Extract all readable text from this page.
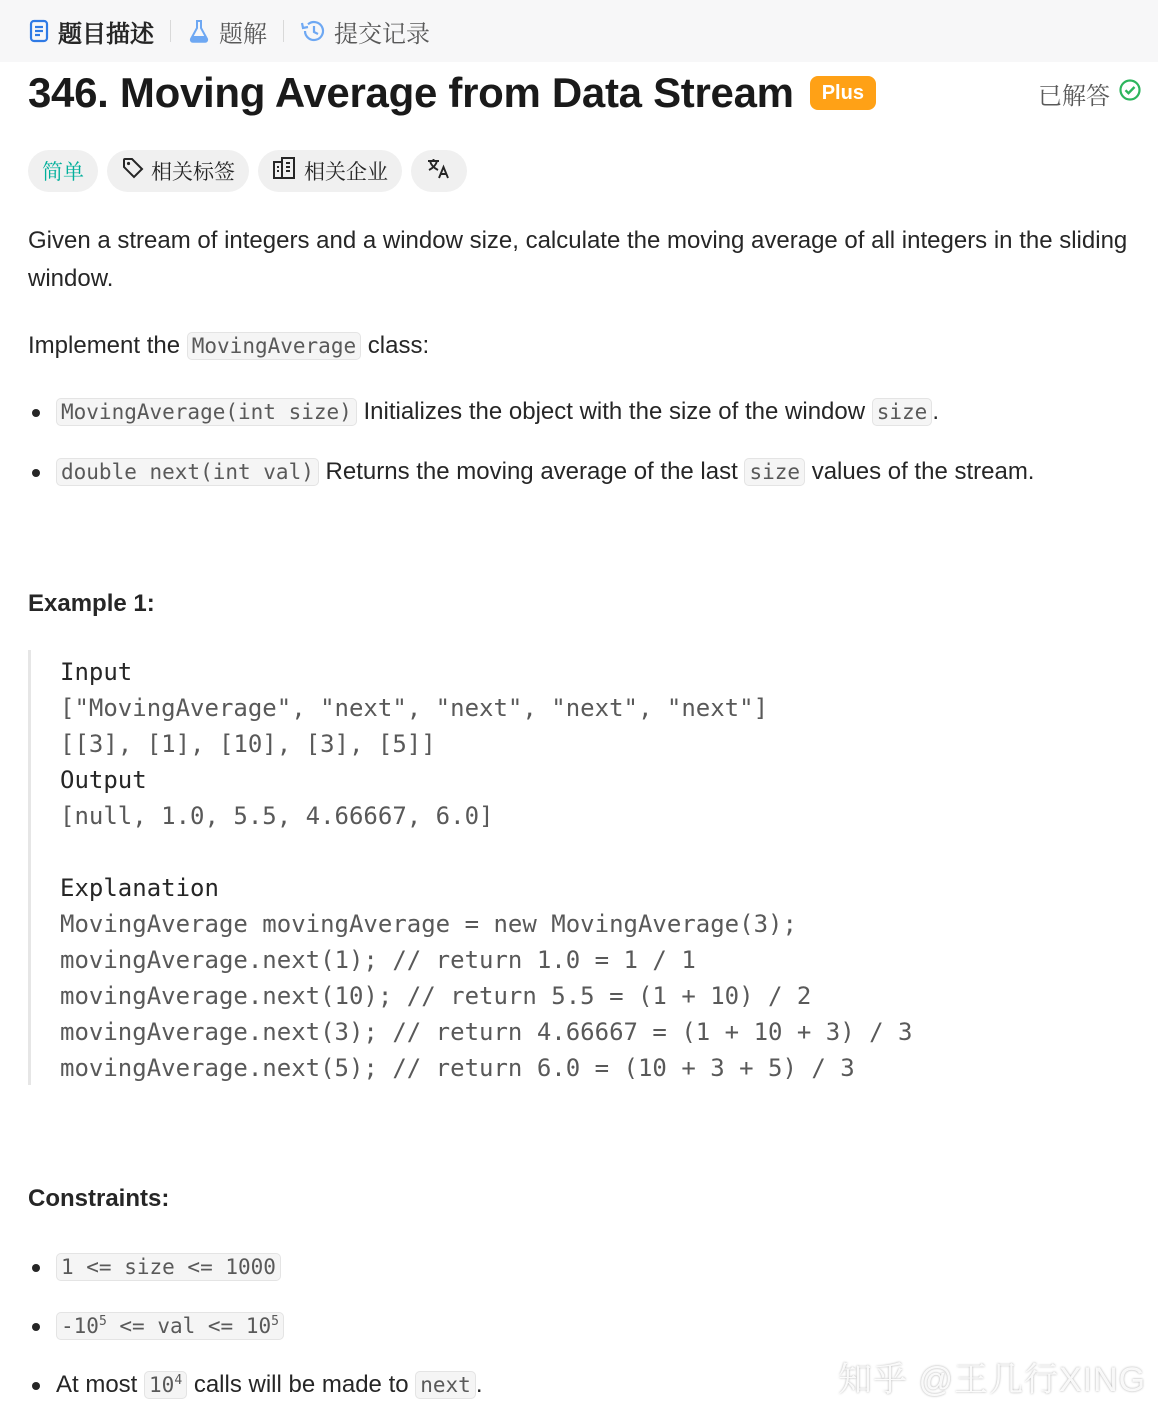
题目描述	题解	提交记录
346. Moving Average from Data Stream	Plus	已解答
简单	相关标签	相关企业

Given a stream of integers and a window size, calculate the moving average of all integers in the sliding window.

Implement the MovingAverage class:

MovingAverage(int size) Initializes the object with the size of the window size .
double next(int val) Returns the moving average of the last size values of the stream.

Example 1:

Input
["MovingAverage", "next", "next", "next", "next"]
[[3], [1], [10], [3], [5]]
Output
[null, 1.0, 5.5, 4.66667, 6.0]
Explanation
MovingAverage movingAverage = new MovingAverage(3);
movingAverage.next(1); // return 1.0 = 1 / 1
movingAverage.next(10); // return 5.5 = (1 + 10) / 2
movingAverage.next(3); // return 4.66667 = (1 + 10 + 3) / 3
movingAverage.next(5); // return 6.0 = (10 + 3 + 5) / 3

Constraints:

1 <= size <= 1000
$-10^5$ <= val <= $10^5$
At most $10^4$ calls will be made to next .	知乎 @王几行XING
